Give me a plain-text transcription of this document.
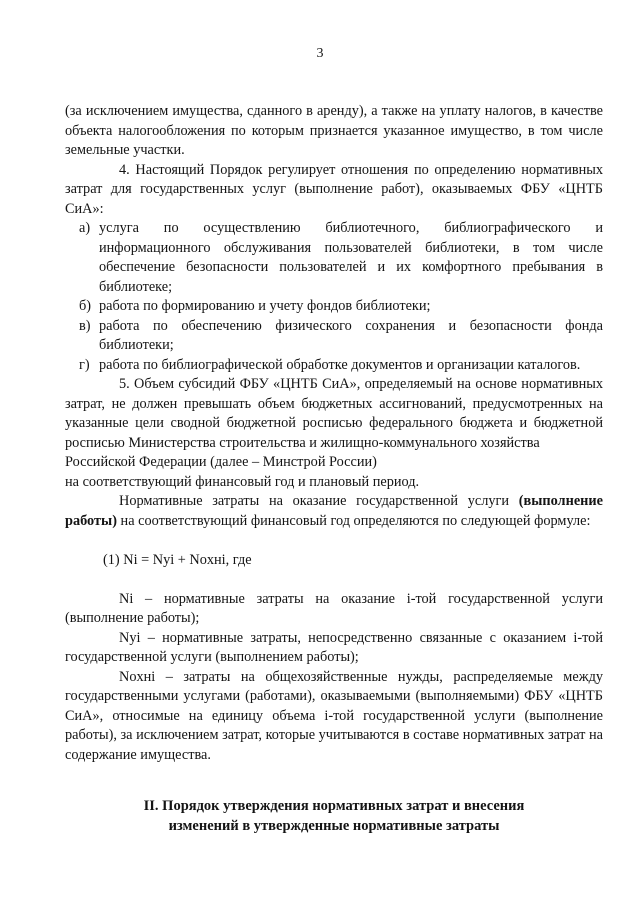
3

(за исключением имущества, сданного в аренду), а также на уплату налогов, в качестве объекта налогообложения по которым признается указанное имущество, в том числе земельные участки.

4. Настоящий Порядок регулирует отношения по определению нормативных затрат для государственных услуг (выполнение работ), оказываемых ФБУ «ЦНТБ СиА»:

а) услуга по осуществлению библиотечного, библиографического и информационного обслуживания пользователей библиотеки, в том числе обеспечение безопасности пользователей и их комфортного пребывания в библиотеке;
б) работа по формированию и учету фондов библиотеки;
в) работа по обеспечению физического сохранения и безопасности фонда библиотеки;
г) работа по библиографической обработке документов и организации каталогов.

5. Объем субсидий ФБУ «ЦНТБ СиА», определяемый на основе нормативных затрат, не должен превышать объем бюджетных ассигнований, предусмотренных на указанные цели сводной бюджетной росписью федерального бюджета и бюджетной росписью Министерства строительства и жилищно-коммунального хозяйства

Российской Федерации (далее – Минстрой России)

на соответствующий финансовый год и плановый период.

Нормативные затраты на оказание государственной услуги (выполнение работы) на соответствующий финансовый год определяются по следующей формуле:

(1) Ni = Nyi + Noxнi, где

Ni – нормативные затраты на оказание i-той государственной услуги (выполнение работы);

Nyi – нормативные затраты, непосредственно связанные с оказанием i-той государственной услуги (выполнением работы);

Noxнi – затраты на общехозяйственные нужды, распределяемые между государственными услугами (работами), оказываемыми (выполняемыми) ФБУ «ЦНТБ СиА», относимые на единицу объема i-той государственной услуги (выполнение работы), за исключением затрат, которые учитываются в составе нормативных затрат на содержание имущества.

II. Порядок утверждения нормативных затрат и внесения
изменений в утвержденные нормативные затраты
